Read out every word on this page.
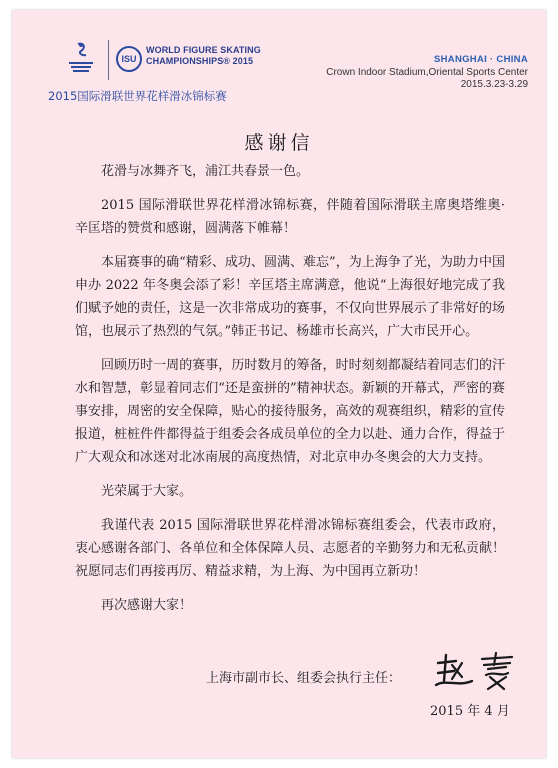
ISU
WORLD FIGURE SKATING CHAMPIONSHIPS® 2015
2015国际滑联世界花样滑冰锦标赛
SHANGHAI · CHINA
Crown Indoor Stadium,Oriental Sports Center
2015.3.23-3.29
感谢信

花滑与冰舞齐飞，浦江共春景一色。

2015 国际滑联世界花样滑冰锦标赛，伴随着国际滑联主席奥塔维奥·辛匡塔的赞赏和感谢，圆满落下帷幕！

本届赛事的确“精彩、成功、圆满、难忘”，为上海争了光，为助力中国申办 2022 年冬奥会添了彩！辛匡塔主席满意，他说“上海很好地完成了我们赋予她的责任，这是一次非常成功的赛事，不仅向世界展示了非常好的场馆，也展示了热烈的气氛。”韩正书记、杨雄市长高兴，广大市民开心。

回顾历时一周的赛事，历时数月的筹备，时时刻刻都凝结着同志们的汗水和智慧，彰显着同志们“还是蛮拼的”精神状态。新颖的开幕式，严密的赛事安排，周密的安全保障，贴心的接待服务，高效的观赛组织，精彩的宣传报道，桩桩件件都得益于组委会各成员单位的全力以赴、通力合作，得益于广大观众和冰迷对北冰南展的高度热情，对北京申办冬奥会的大力支持。

光荣属于大家。

我谨代表 2015 国际滑联世界花样滑冰锦标赛组委会，代表市政府，衷心感谢各部门、各单位和全体保障人员、志愿者的辛勤努力和无私贡献！祝愿同志们再接再厉、精益求精，为上海、为中国再立新功！

再次感谢大家！

上海市副市长、组委会执行主任：
2015 年 4 月
